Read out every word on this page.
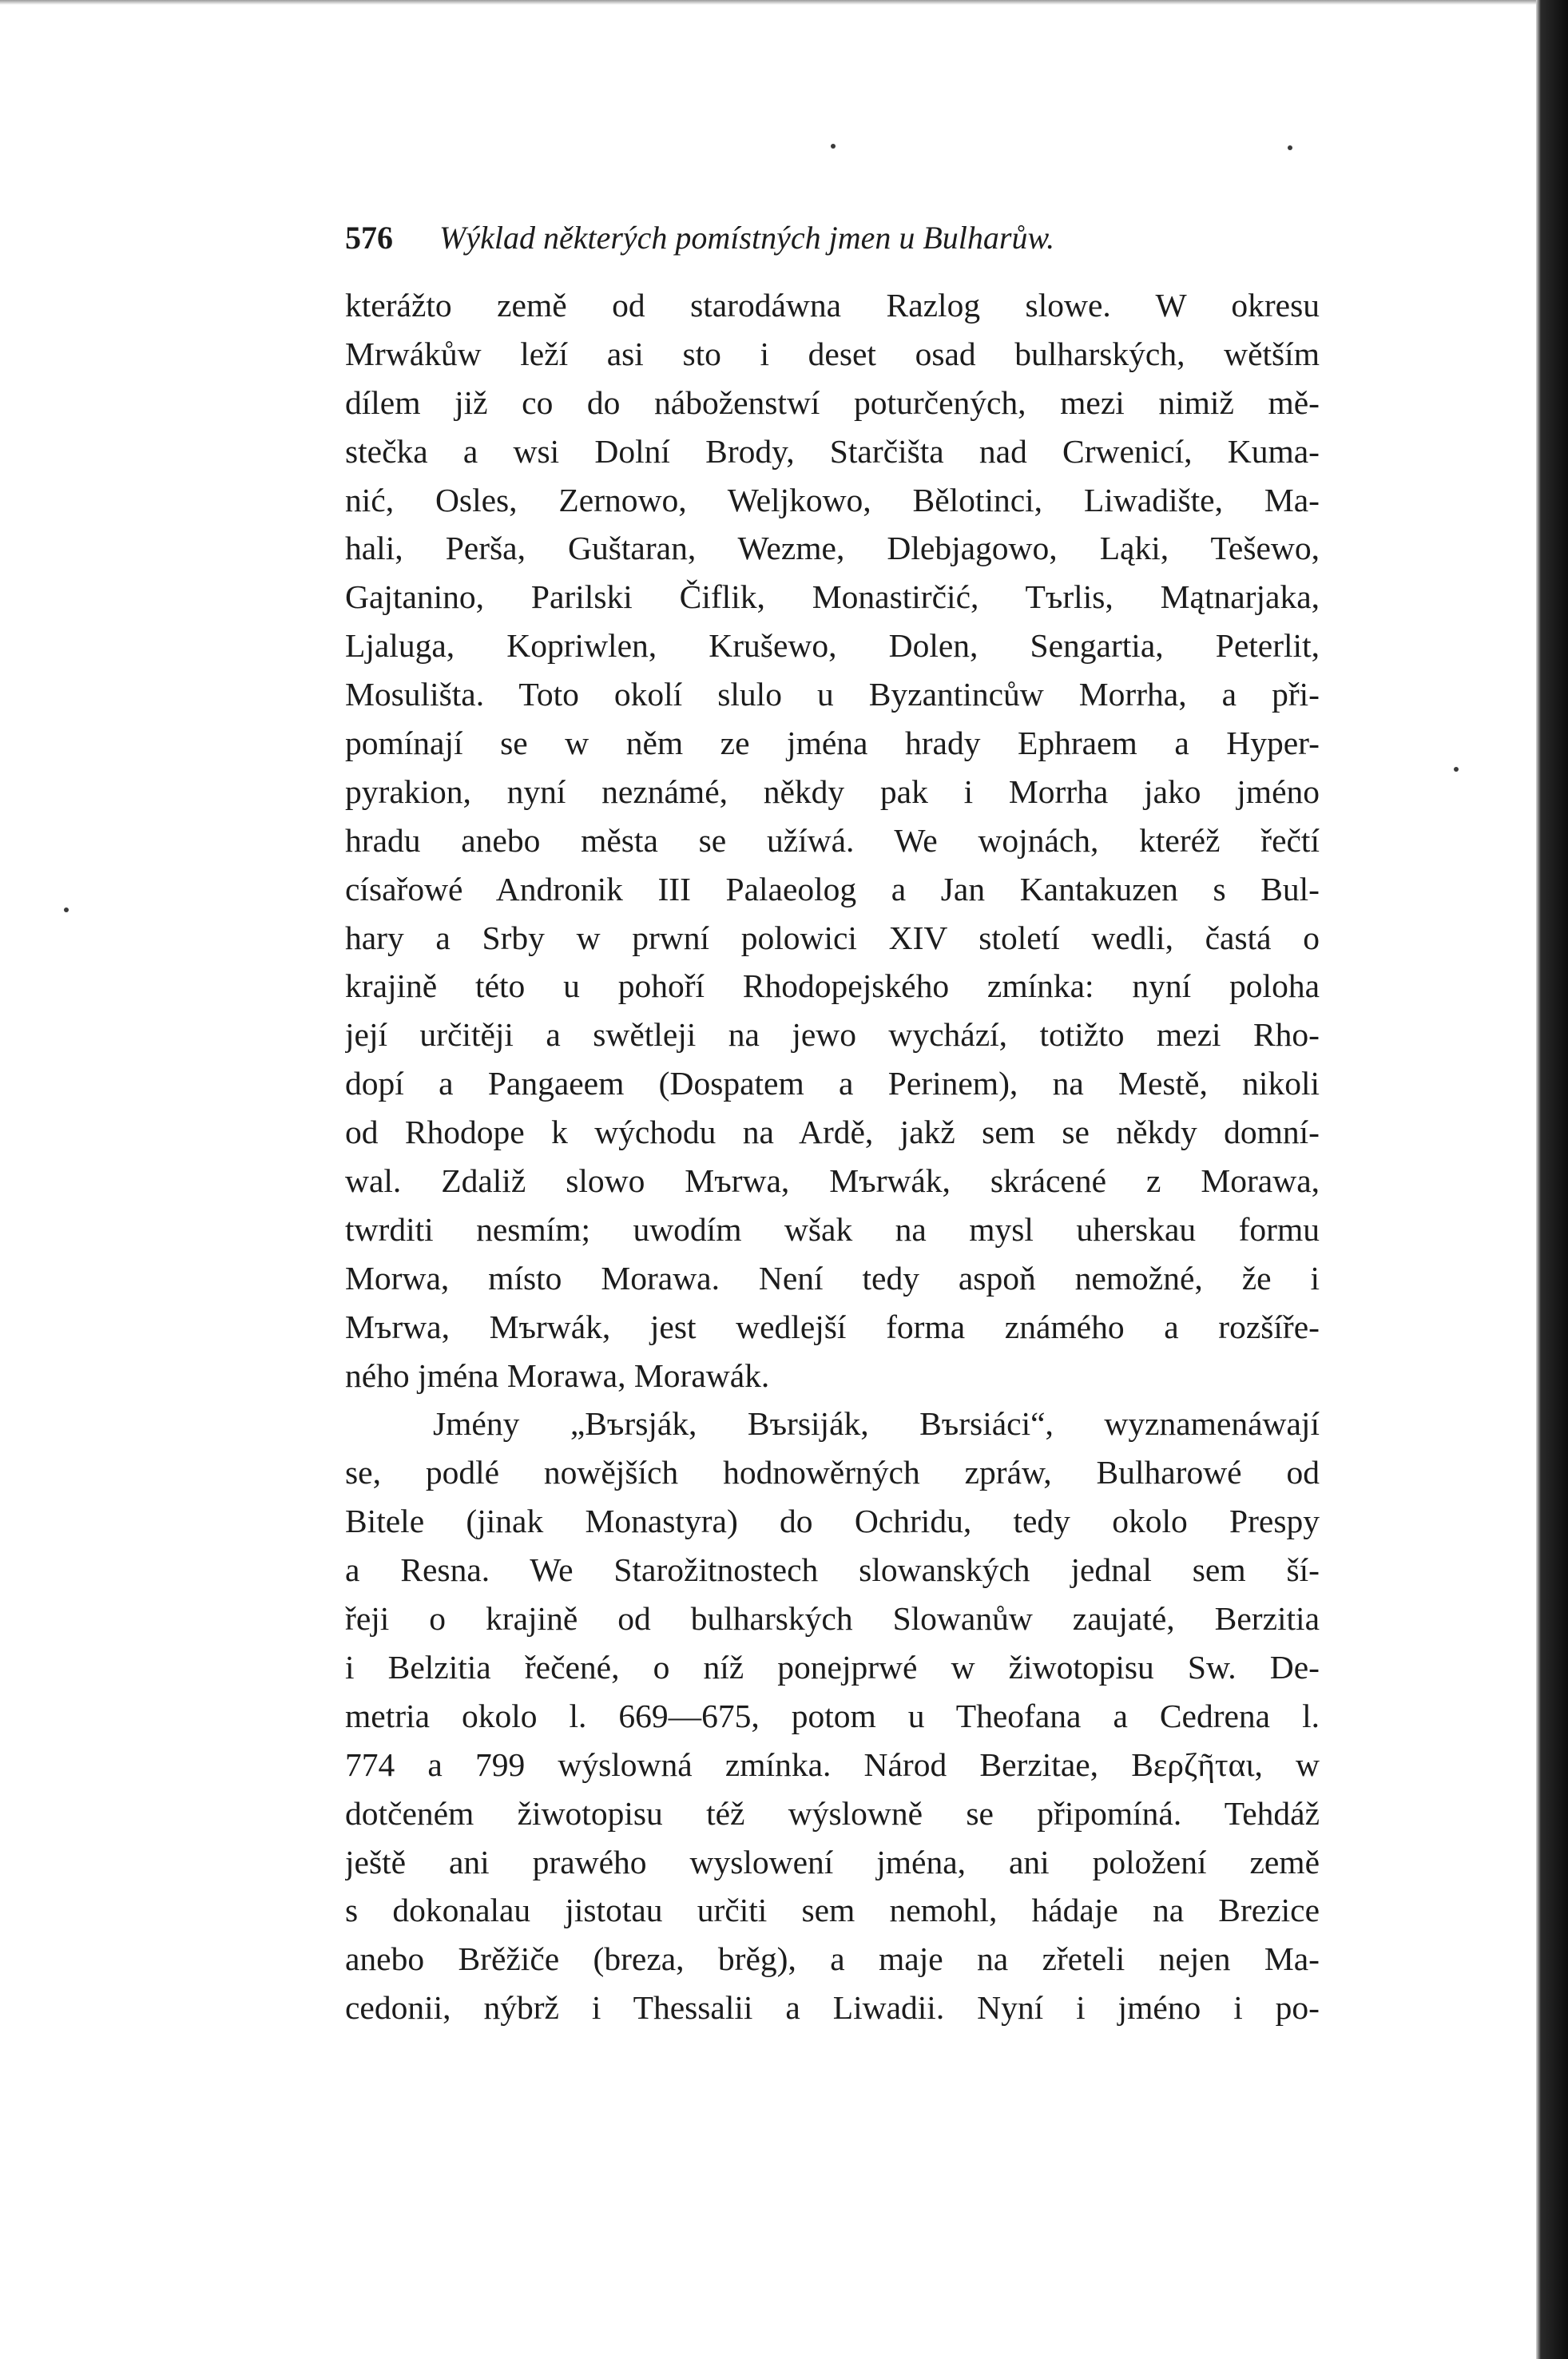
576 Wýklad některých pomístných jmen u Bulharůw.
kterážto země od starodáwna Razlog slowe. W okresu
Mrwákůw leží asi sto i deset osad bulharských, wětším
dílem již co do náboženstwí poturčených, mezi nimiž mě-
stečka a wsi Dolní Brody, Starčišta nad Crwenicí, Kuma-
nić, Osles, Zernowo, Weljkowo, Bělotinci, Liwadište, Ma-
hali, Perša, Guštaran, Wezme, Dlebjagowo, Ląki, Tešewo,
Gajtanino, Parilski Čiflik, Monastirčić, Tъrlis, Mątnarjaka,
Ljaluga, Kopriwlen, Krušewo, Dolen, Sengartia, Peterlit,
Mosulišta. Toto okolí slulo u Byzantincůw Morrha, a při-
pomínají se w něm ze jména hrady Ephraem a Hyper-
pyrakion, nyní neznámé, někdy pak i Morrha jako jméno
hradu anebo města se užíwá. We wojnách, kteréž řečtí
císařowé Andronik III Palaeolog a Jan Kantakuzen s Bul-
hary a Srby w prwní polowici XIV století wedli, častá o
krajině této u pohoří Rhodopejského zmínka: nyní poloha
její určitěji a swětleji na jewo wychází, totižto mezi Rho-
dopí a Pangaeem (Dospatem a Perinem), na Mestě, nikoli
od Rhodope k wýchodu na Ardě, jakž sem se někdy domní-
wal. Zdaliž slowo Mъrwa, Mъrwák, skrácené z Morawa,
twrditi nesmím; uwodím wšak na mysl uherskau formu
Morwa, místo Morawa. Není tedy aspoň nemožné, že i
Mъrwa, Mъrwák, jest wedlejší forma známého a rozšíře-
ného jména Morawa, Morawák.
Jmény „Bъrsják, Bъrsiják, Bъrsiáci“, wyznamenáwají
se, podlé nowějších hodnowěrných zpráw, Bulharowé od
Bitele (jinak Monastyra) do Ochridu, tedy okolo Prespy
a Resna. We Starožitnostech slowanských jednal sem ší-
řeji o krajině od bulharských Slowanůw zaujaté, Berzitia
i Belzitia řečené, o níž ponejprwé w žiwotopisu Sw. De-
metria okolo l. 669—675, potom u Theofana a Cedrena l.
774 a 799 wýslowná zmínka. Národ Berzitae, Βερζῆται, w
dotčeném žiwotopisu též wýslowně se připomíná. Tehdáž
ještě ani prawého wyslowení jména, ani položení země
s dokonalau jistotau určiti sem nemohl, hádaje na Brezice
anebo Brěžiče (breza, brěg), a maje na zřeteli nejen Ma-
cedonii, nýbrž i Thessalii a Liwadii. Nyní i jméno i po-
